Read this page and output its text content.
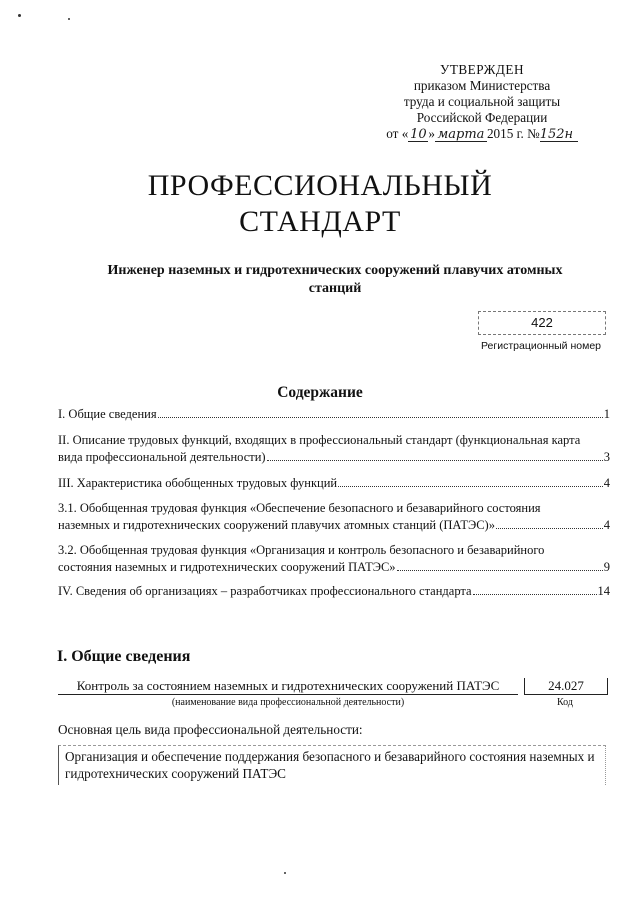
УТВЕРЖДЕН
приказом Министерства
труда и социальной защиты
Российской Федерации
от « 10 » марта 2015 г. №152н
ПРОФЕССИОНАЛЬНЫЙ
СТАНДАРТ
Инженер наземных и гидротехнических сооружений плавучих атомных станций
422
Регистрационный номер
Содержание
I. Общие сведения	1
II. Описание трудовых функций, входящих в профессиональный стандарт (функциональная карта
вида профессиональной деятельности)	3
III. Характеристика обобщенных трудовых функций	4
3.1. Обобщенная трудовая функция «Обеспечение безопасного и безаварийного состояния
наземных и гидротехнических сооружений плавучих атомных станций (ПАТЭС)»	4
3.2. Обобщенная трудовая функция «Организация и контроль безопасного и безаварийного
состояния наземных и гидротехнических сооружений ПАТЭС»	9
IV. Сведения об организациях – разработчиках профессионального стандарта	14
I. Общие сведения
Контроль за состоянием наземных и гидротехнических сооружений ПАТЭС
(наименование вида профессиональной деятельности)
24.027
Код
Основная цель вида профессиональной деятельности:
Организация и обеспечение поддержания безопасного и безаварийного состояния наземных и гидротехнических сооружений ПАТЭС
